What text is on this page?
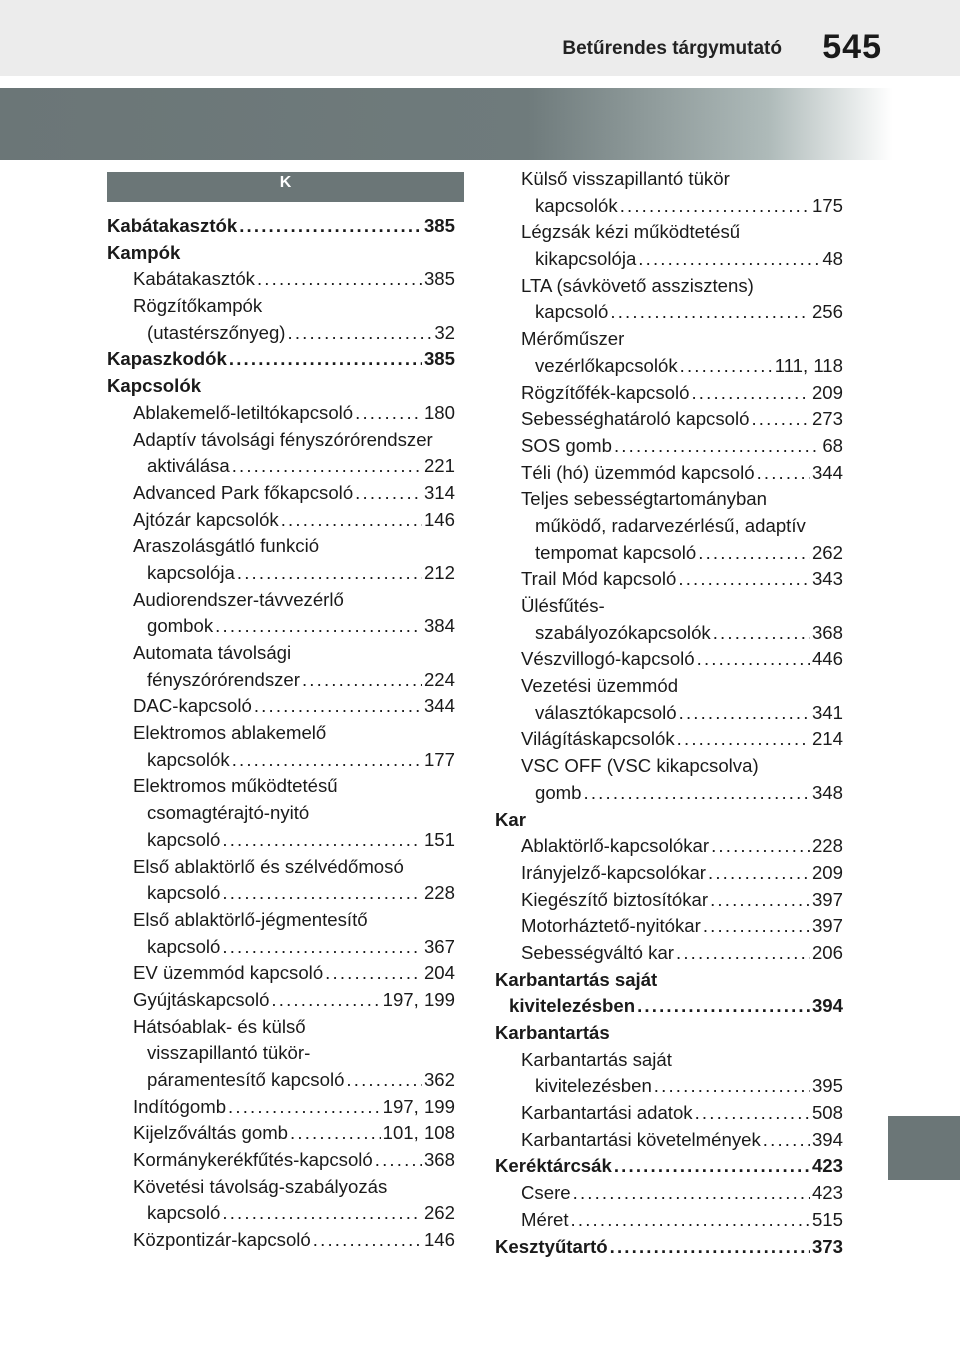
Betűrendes tárgymutató 545
K
Kabátakasztók . . .	385
Kampók
Kabátakasztók . . .	385
Rögzítőkampók
(utastérszőnyeg) . . .	32
Kapaszkodók . . .	385
Kapcsolók
Ablakemelő-letiltókapcsoló . . .	180
Adaptív távolsági fényszórórendszer
aktiválása . . .	221
Advanced Park főkapcsoló . . .	314
Ajtózár kapcsolók . . .	146
Araszolásgátló funkció
kapcsolója . . .	212
Audiorendszer-távvezérlő
gombok . . .	384
Automata távolsági
fényszórórendszer . . .	224
DAC-kapcsoló . . .	344
Elektromos ablakemelő
kapcsolók . . .	177
Elektromos működtetésű
csomagtérajtó-nyitó
kapcsoló . . .	151
Első ablaktörlő és szélvédőmosó
kapcsoló . . .	228
Első ablaktörlő-jégmentesítő
kapcsoló . . .	367
EV üzemmód kapcsoló . . .	204
Gyújtáskapcsoló . . .	197, 199
Hátsóablak- és külső
visszapillantó tükör-
páramentesítő kapcsoló . . .	362
Indítógomb . . .	197, 199
Kijelzőváltás gomb . . .	101, 108
Kormánykerékfűtés-kapcsoló . . .	368
Követési távolság-szabályozás
kapcsoló . . .	262
Központizár-kapcsoló . . .	146
Külső visszapillantó tükör
kapcsolók . . .	175
Légzsák kézi működtetésű
kikapcsolója . . .	48
LTA (sávkövető asszisztens)
kapcsoló . . .	256
Mérőműszer
vezérlőkapcsolók . . .	111, 118
Rögzítőfék-kapcsoló . . .	209
Sebességhatároló kapcsoló . . .	273
SOS gomb . . .	68
Téli (hó) üzemmód kapcsoló . . .	344
Teljes sebességtartományban
működő, radarvezérlésű, adaptív
tempomat kapcsoló . . .	262
Trail Mód kapcsoló . . .	343
Ülésfűtés-
szabályozókapcsolók . . .	368
Vészvillogó-kapcsoló . . .	446
Vezetési üzemmód
választókapcsoló . . .	341
Világításkapcsolók . . .	214
VSC OFF (VSC kikapcsolva)
gomb . . .	348
Kar
Ablaktörlő-kapcsolókar . . .	228
Irányjelző-kapcsolókar . . .	209
Kiegészítő biztosítókar . . .	397
Motorháztető-nyitókar . . .	397
Sebességváltó kar . . .	206
Karbantartás saját
kivitelezésben . . .	394
Karbantartás
Karbantartás saját
kivitelezésben . . .	395
Karbantartási adatok . . .	508
Karbantartási követelmények . . .	394
Keréktárcsák . . .	423
Csere . . .	423
Méret . . .	515
Kesztyűtartó . . .	373
